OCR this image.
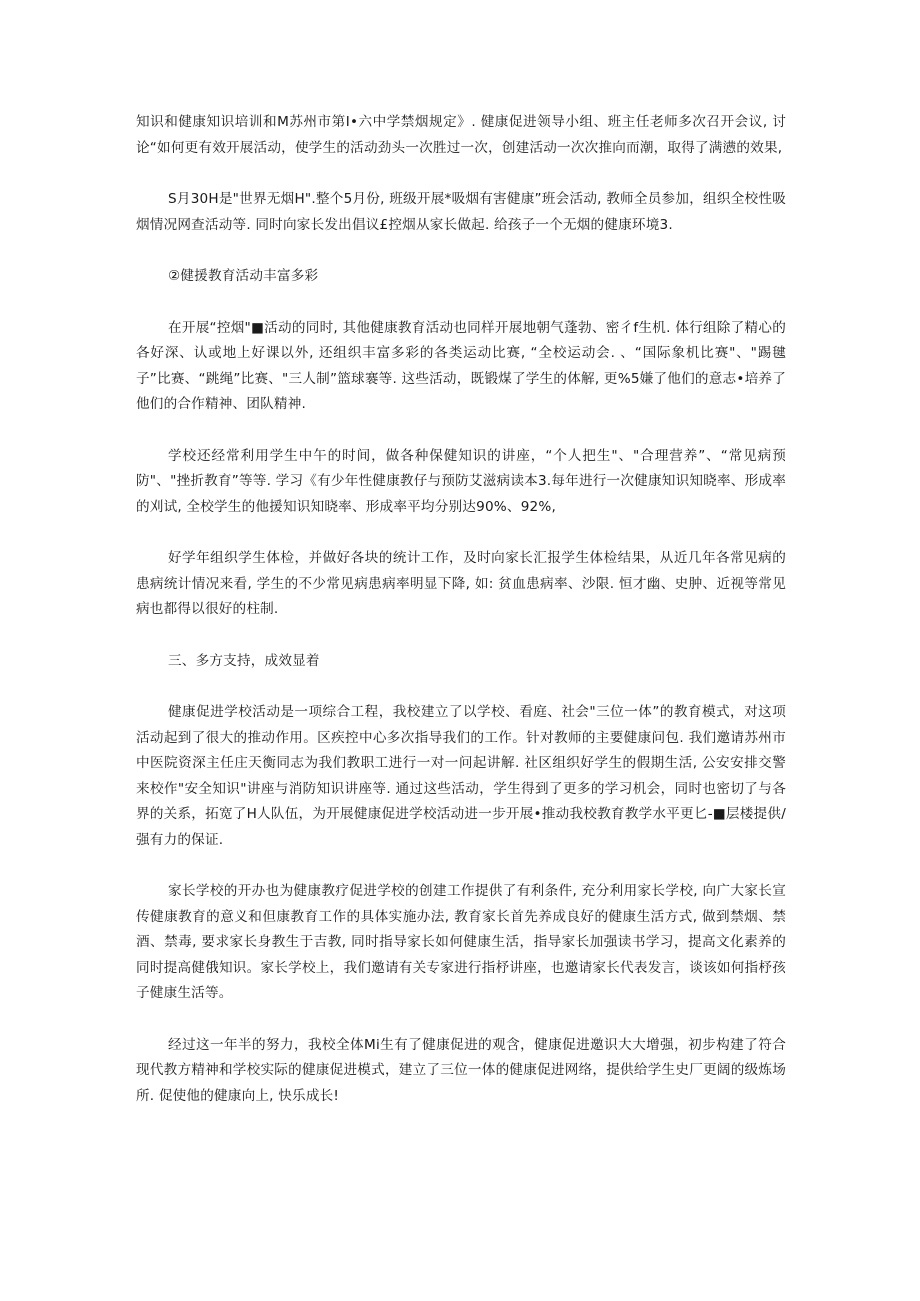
知识和健康知识培训和M苏州市第I•六中学禁烟规定》. 健康促进领导小组、班主任老师多次召开会议, 讨论“如何更有效开展活动，使学生的活动劲头一次胜过一次，创建活动一次次推向而潮，取得了满懑的效果,

S月30H是"世界无烟H".整个5月份, 班级开展*吸烟有害健康”班会活动, 教师全员参加，组织全校性吸烟情况网查活动等. 同时向家长发出倡议£控烟从家长做起. 给孩子一个无烟的健康环境3.

②健援教育活动丰富多彩

在开展“控烟"■活动的同时, 其他健康教育活动也同样开展地朝气蓬勃、密彳f生机. 体行组除了精心的各好深、认或地上好课以外, 还组织丰富多彩的各类运动比赛, “全校运动会. 、“国际象机比赛"、"踢毽子”比赛、“跳绳”比赛、"三人制”篮球褰等. 这些活动，既锻煤了学生的体解, 更%5嫌了他们的意志•培养了他们的合作精神、团队精神.

学校还经常利用学生中午的时间，做各种保健知识的讲座，“个人把生"、"合理营养”、“常见病预防"、"挫折教育”等等. 学习《有少年性健康教仔与预防艾滋病读本3.每年进行一次健康知识知晓率、形成率的刈试, 全校学生的他援知识知晓率、形成率平均分别达90%、92%,

好学年组织学生体检，并做好各块的统计工作，及时向家长汇报学生体检结果，从近几年各常见病的患病统计情况来看, 学生的不少常见病患病率明显下降, 如: 贫血患病率、沙限. 恒才幽、史肿、近视等常见病也都得以很好的柱制.

三、多方支持，成效显着

健康促进学校活动是一项综合工程，我校建立了以学校、看庭、社会"三位一体”的教育模式，对这项活动起到了很大的推动作用。区疾控中心多次指导我们的工作。针对教师的主要健康问包. 我们邀请苏州市中医院资深主任庄天衡同志为我们教职工进行一对一问起讲解. 社区组织好学生的假期生活, 公安安排交警来校作"安全知识"讲座与消防知识讲座等. 通过这些活动，学生得到了更多的学习机会，同时也密切了与各界的关系，拓宽了H人队伍，为开展健康促进学校活动进一步开展•推动我校教育教学水平更匕-■层楼提供/强有力的保证.

家长学校的开办也为健康教疗促进学校的创建工作提供了有利条件, 充分利用家长学校, 向广大家长宣传健康教育的意义和但康教育工作的具体实施办法, 教育家长首先养成良好的健康生活方式, 做到禁烟、禁酒、禁毒, 要求家长身教生于吉教, 同时指导家长如何健康生活，指导家长加强读书学习，提高文化素养的同时提高健俄知识。家长学校上，我们邀请有关专家进行指杼讲座，也邀请家长代表发言，谈该如何指杼孩子健康生活等。

经过这一年半的努力，我校全体Mi生有了健康促进的观含，健康促进邀识大大增强，初步构建了符合现代教方精神和学校实际的健康促进模式，建立了三位一体的健康促进网络，提供给学生史厂更阔的级炼场所. 促使他的健康向上, 快乐成长!
